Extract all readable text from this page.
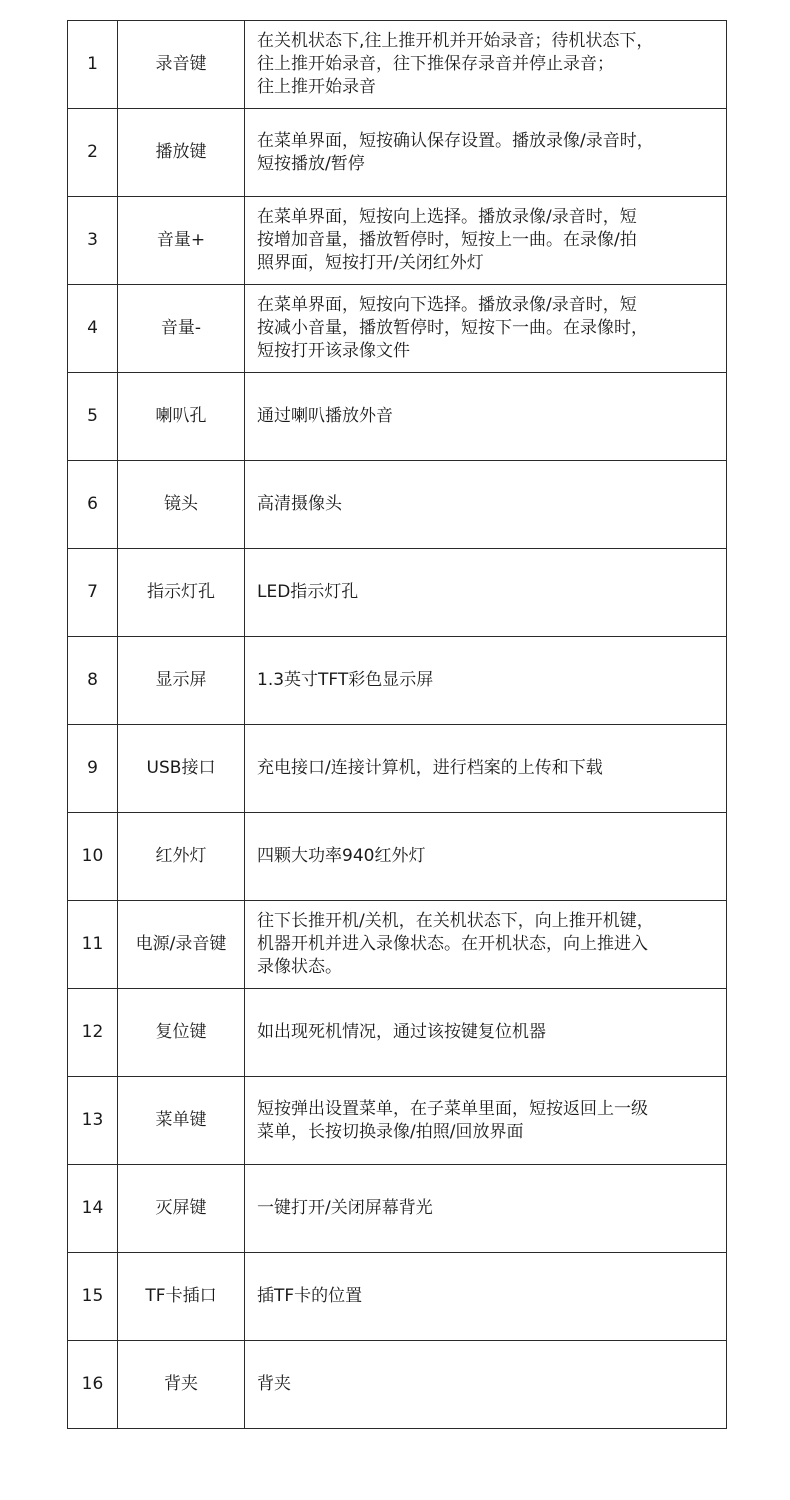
1	录音键	在关机状态下,往上推开机并开始录音；待机状态下，
往上推开始录音，往下推保存录音并停止录音；
往上推开始录音

2	播放键	在菜单界面，短按确认保存设置。播放录像/录音时，
短按播放/暂停

3	音量+	在菜单界面，短按向上选择。播放录像/录音时，短
按增加音量，播放暂停时，短按上一曲。在录像/拍
照界面，短按打开/关闭红外灯

4	音量-	在菜单界面，短按向下选择。播放录像/录音时，短
按减小音量，播放暂停时，短按下一曲。在录像时，
短按打开该录像文件

5	喇叭孔	通过喇叭播放外音

6	镜头	高清摄像头

7	指示灯孔	LED指示灯孔

8	显示屏	1.3英寸TFT彩色显示屏

9	USB接口	充电接口/连接计算机，进行档案的上传和下载

10	红外灯	四颗大功率940红外灯

11	电源/录音键	往下长推开机/关机，在关机状态下，向上推开机键，
机器开机并进入录像状态。在开机状态，向上推进入
录像状态。

12	复位键	如出现死机情况，通过该按键复位机器

13	菜单键	短按弹出设置菜单，在子菜单里面，短按返回上一级
菜单，长按切换录像/拍照/回放界面

14	灭屏键	一键打开/关闭屏幕背光

15	TF卡插口	插TF卡的位置

16	背夹	背夹
